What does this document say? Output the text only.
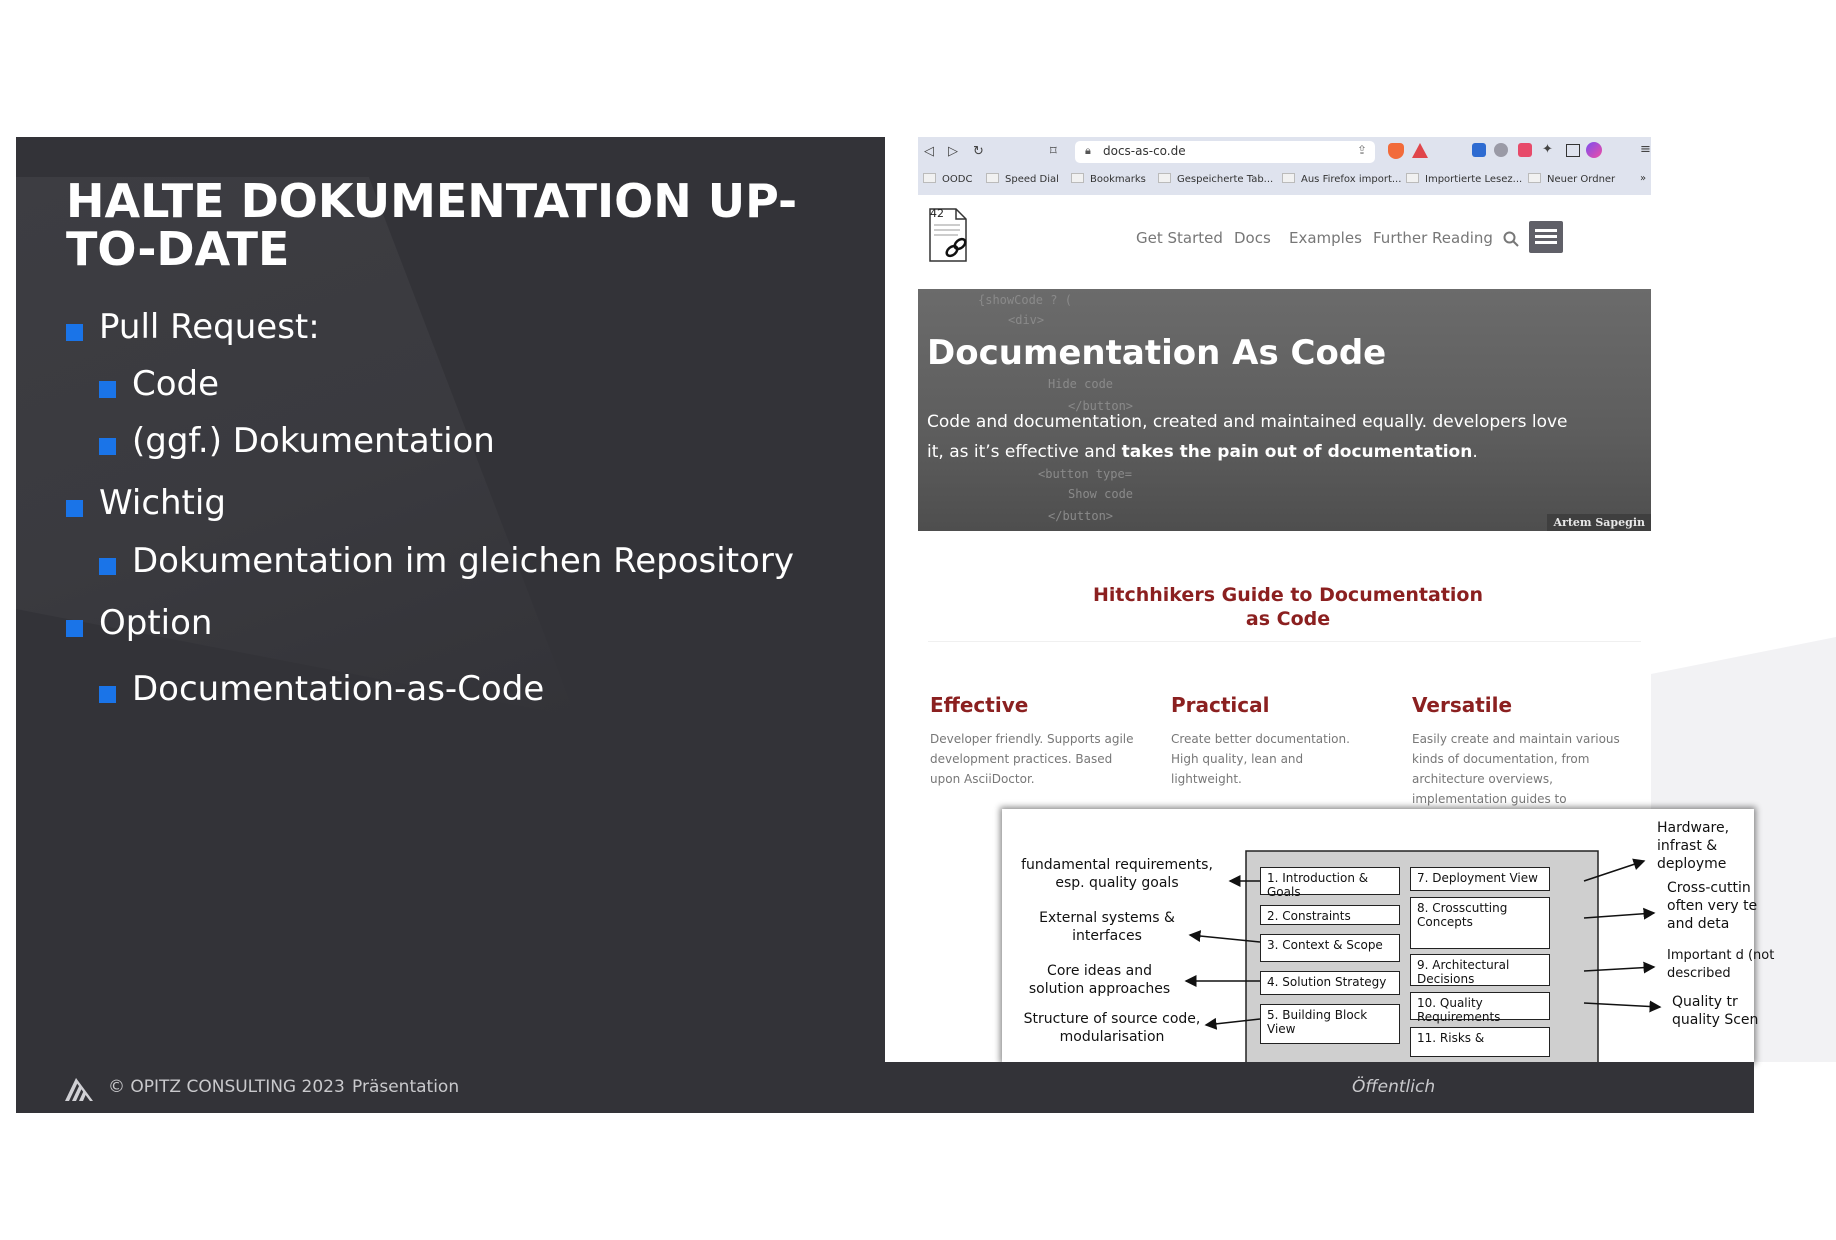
HALTE DOKUMENTATION UP-TO-DATE
Pull Request:
Code
(ggf.) Dokumentation
Wichtig
Dokumentation im gleichen Repository
Option
Documentation-as-Code
◁ ▷ ↻	⌑	🔒︎ docs-as-co.de	⇪	✦	≡
OODC	Speed Dial	Bookmarks	Gespeicherte Tab...	Aus Firefox import...	Importierte Lesez...	Neuer Ordner »
42
Get Started Docs Examples Further Reading
{showCode ? (
<div>
Hide code
</button>
<button type=
Show code
</button>
Documentation As Code
Code and documentation, created and maintained equally. developers love it, as it’s effective and takes the pain out of documentation.
Artem Sapegin
Hitchhikers Guide to Documentation as Code
Effective

Developer friendly. Supports agile development practices. Based upon AsciiDoctor.

Practical

Create better documentation. High quality, lean and lightweight.

Versatile

Easily create and maintain various kinds of documentation, from architecture overviews, implementation guides to

fundamental requirements, esp. quality goals
External systems & interfaces
Core ideas and solution approaches
Structure of source code, modularisation
1. Introduction & Goals
2. Constraints
3. Context & Scope
4. Solution Strategy
5. Building Block View
7. Deployment View
8. Crosscutting Concepts
9. Architectural Decisions
10. Quality Requirements
11. Risks &
Hardware, infrast & deployme
Cross-cuttin often very te and deta
Important d (not described
Quality tr quality Scen
© OPITZ CONSULTING 2023 Präsentation	Öffentlich
